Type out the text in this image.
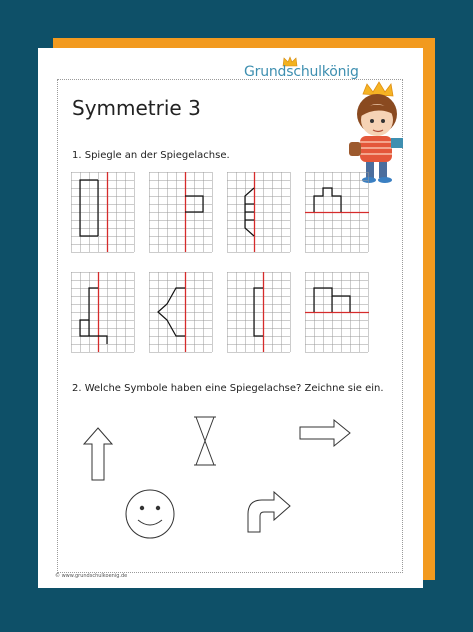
Grundschulkönig
Symmetrie 3
1. Spiegle an der Spiegelachse.
2. Welche Symbole haben eine Spiegelachse? Zeichne sie ein.
© www.grundschulkoenig.de
